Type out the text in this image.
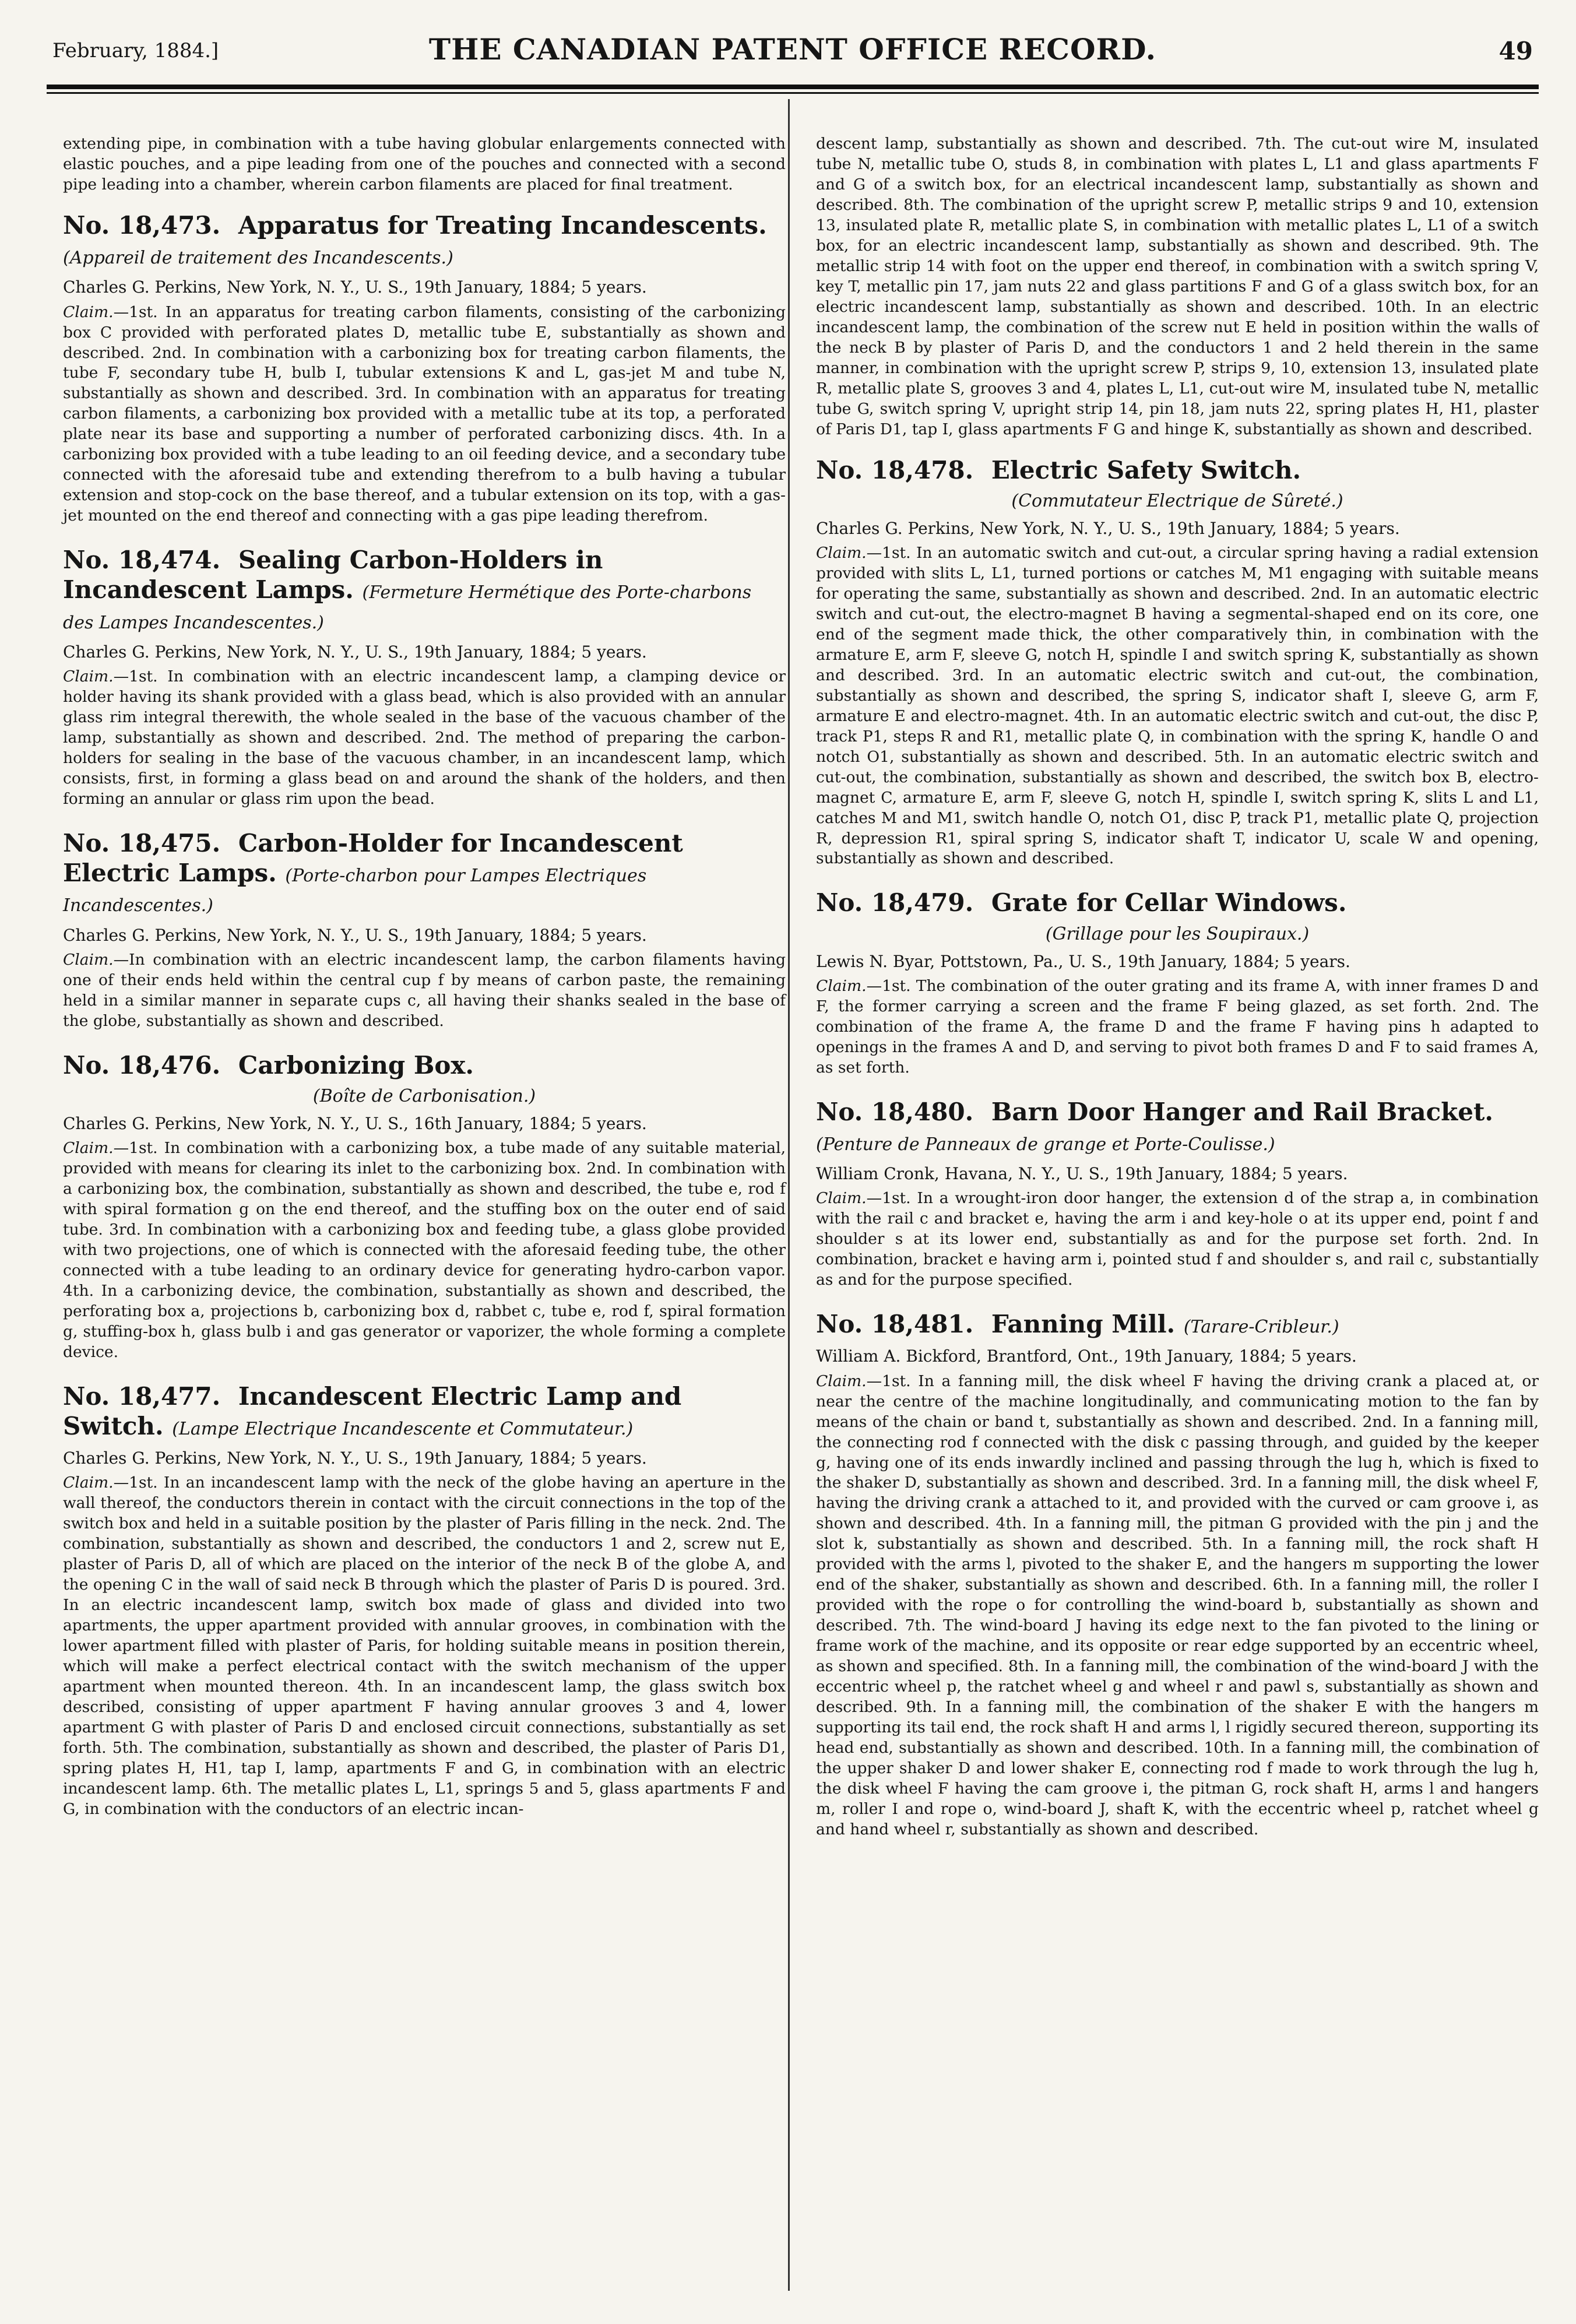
February, 1884.]	THE CANADIAN PATENT OFFICE RECORD.	49
extending pipe, in combination with a tube having globular enlargements connected with elastic pouches, and a pipe leading from one of the pouches and connected with a second pipe leading into a chamber, wherein carbon filaments are placed for final treatment.
No. 18,473. Apparatus for Treating Incandescents. (Appareil de traitement des Incandescents.)
Charles G. Perkins, New York, N. Y., U. S., 19th January, 1884; 5 years.
Claim.—1st. In an apparatus for treating carbon filaments, consisting of the carbonizing box C provided with perforated plates D, metallic tube E, substantially as shown and described. 2nd. In combination with a carbonizing box for treating carbon filaments, the tube F, secondary tube H, bulb I, tubular extensions K and L, gas-jet M and tube N, substantially as shown and described. 3rd. In combination with an apparatus for treating carbon filaments, a carbonizing box provided with a metallic tube at its top, a perforated plate near its base and supporting a number of perforated carbonizing discs. 4th. In a carbonizing box provided with a tube leading to an oil feeding device, and a secondary tube connected with the aforesaid tube and extending therefrom to a bulb having a tubular extension and stop-cock on the base thereof, and a tubular extension on its top, with a gas-jet mounted on the end thereof and connecting with a gas pipe leading therefrom.
No. 18,474. Sealing Carbon-Holders in Incandescent Lamps. (Fermeture Hermétique des Porte-charbons des Lampes Incandescentes.)
Charles G. Perkins, New York, N. Y., U. S., 19th January, 1884; 5 years.
Claim.—1st. In combination with an electric incandescent lamp, a clamping device or holder having its shank provided with a glass bead, which is also provided with an annular glass rim integral therewith, the whole sealed in the base of the vacuous chamber of the lamp, substantially as shown and described. 2nd. The method of preparing the carbon-holders for sealing in the base of the vacuous chamber, in an incandescent lamp, which consists, first, in forming a glass bead on and around the shank of the holders, and then forming an annular or glass rim upon the bead.
No. 18,475. Carbon-Holder for Incandescent Electric Lamps. (Porte-charbon pour Lampes Electriques Incandescentes.)
Charles G. Perkins, New York, N. Y., U. S., 19th January, 1884; 5 years.
Claim.—In combination with an electric incandescent lamp, the carbon filaments having one of their ends held within the central cup f by means of carbon paste, the remaining held in a similar manner in separate cups c, all having their shanks sealed in the base of the globe, substantially as shown and described.
No. 18,476. Carbonizing Box.
(Boîte de Carbonisation.)
Charles G. Perkins, New York, N. Y., U. S., 16th January, 1884; 5 years.
Claim.—1st. In combination with a carbonizing box, a tube made of any suitable material, provided with means for clearing its inlet to the carbonizing box. 2nd. In combination with a carbonizing box, the combination, substantially as shown and described, the tube e, rod f with spiral formation g on the end thereof, and the stuffing box on the outer end of said tube. 3rd. In combination with a carbonizing box and feeding tube, a glass globe provided with two projections, one of which is connected with the aforesaid feeding tube, the other connected with a tube leading to an ordinary device for generating hydro-carbon vapor. 4th. In a carbonizing device, the combination, substantially as shown and described, the perforating box a, projections b, carbonizing box d, rabbet c, tube e, rod f, spiral formation g, stuffing-box h, glass bulb i and gas generator or vaporizer, the whole forming a complete device.
No. 18,477. Incandescent Electric Lamp and Switch. (Lampe Electrique Incandescente et Commutateur.)
Charles G. Perkins, New York, N. Y., U. S., 19th January, 1884; 5 years.
Claim.—1st. In an incandescent lamp with the neck of the globe having an aperture in the wall thereof, the conductors therein in contact with the circuit connections in the top of the switch box and held in a suitable position by the plaster of Paris filling in the neck. 2nd. The combination, substantially as shown and described, the conductors 1 and 2, screw nut E, plaster of Paris D, all of which are placed on the interior of the neck B of the globe A, and the opening C in the wall of said neck B through which the plaster of Paris D is poured. 3rd. In an electric incandescent lamp, switch box made of glass and divided into two apartments, the upper apartment provided with annular grooves, in combination with the lower apartment filled with plaster of Paris, for holding suitable means in position therein, which will make a perfect electrical contact with the switch mechanism of the upper apartment when mounted thereon. 4th. In an incandescent lamp, the glass switch box described, consisting of upper apartment F having annular grooves 3 and 4, lower apartment G with plaster of Paris D and enclosed circuit connections, substantially as set forth. 5th. The combination, substantially as shown and described, the plaster of Paris D1, spring plates H, H1, tap I, lamp, apartments F and G, in combination with an electric incandescent lamp. 6th. The metallic plates L, L1, springs 5 and 5, glass apartments F and G, in combination with the conductors of an electric incan-
descent lamp, substantially as shown and described. 7th. The cut-out wire M, insulated tube N, metallic tube O, studs 8, in combination with plates L, L1 and glass apartments F and G of a switch box, for an electrical incandescent lamp, substantially as shown and described. 8th. The combination of the upright screw P, metallic strips 9 and 10, extension 13, insulated plate R, metallic plate S, in combination with metallic plates L, L1 of a switch box, for an electric incandescent lamp, substantially as shown and described. 9th. The metallic strip 14 with foot on the upper end thereof, in combination with a switch spring V, key T, metallic pin 17, jam nuts 22 and glass partitions F and G of a glass switch box, for an electric incandescent lamp, substantially as shown and described. 10th. In an electric incandescent lamp, the combination of the screw nut E held in position within the walls of the neck B by plaster of Paris D, and the conductors 1 and 2 held therein in the same manner, in combination with the upright screw P, strips 9, 10, extension 13, insulated plate R, metallic plate S, grooves 3 and 4, plates L, L1, cut-out wire M, insulated tube N, metallic tube G, switch spring V, upright strip 14, pin 18, jam nuts 22, spring plates H, H1, plaster of Paris D1, tap I, glass apartments F G and hinge K, substantially as shown and described.
No. 18,478. Electric Safety Switch.
(Commutateur Electrique de Sûreté.)
Charles G. Perkins, New York, N. Y., U. S., 19th January, 1884; 5 years.
Claim.—1st. In an automatic switch and cut-out, a circular spring having a radial extension provided with slits L, L1, turned portions or catches M, M1 engaging with suitable means for operating the same, substantially as shown and described. 2nd. In an automatic electric switch and cut-out, the electro-magnet B having a segmental-shaped end on its core, one end of the segment made thick, the other comparatively thin, in combination with the armature E, arm F, sleeve G, notch H, spindle I and switch spring K, substantially as shown and described. 3rd. In an automatic electric switch and cut-out, the combination, substantially as shown and described, the spring S, indicator shaft I, sleeve G, arm F, armature E and electro-magnet. 4th. In an automatic electric switch and cut-out, the disc P, track P1, steps R and R1, metallic plate Q, in combination with the spring K, handle O and notch O1, substantially as shown and described. 5th. In an automatic electric switch and cut-out, the combination, substantially as shown and described, the switch box B, electro-magnet C, armature E, arm F, sleeve G, notch H, spindle I, switch spring K, slits L and L1, catches M and M1, switch handle O, notch O1, disc P, track P1, metallic plate Q, projection R, depression R1, spiral spring S, indicator shaft T, indicator U, scale W and opening, substantially as shown and described.
No. 18,479. Grate for Cellar Windows.
(Grillage pour les Soupiraux.)
Lewis N. Byar, Pottstown, Pa., U. S., 19th January, 1884; 5 years.
Claim.—1st. The combination of the outer grating and its frame A, with inner frames D and F, the former carrying a screen and the frame F being glazed, as set forth. 2nd. The combination of the frame A, the frame D and the frame F having pins h adapted to openings in the frames A and D, and serving to pivot both frames D and F to said frames A, as set forth.
No. 18,480. Barn Door Hanger and Rail Bracket. (Penture de Panneaux de grange et Porte-Coulisse.)
William Cronk, Havana, N. Y., U. S., 19th January, 1884; 5 years.
Claim.—1st. In a wrought-iron door hanger, the extension d of the strap a, in combination with the rail c and bracket e, having the arm i and key-hole o at its upper end, point f and shoulder s at its lower end, substantially as and for the purpose set forth. 2nd. In combination, bracket e having arm i, pointed stud f and shoulder s, and rail c, substantially as and for the purpose specified.
No. 18,481. Fanning Mill. (Tarare-Cribleur.)
William A. Bickford, Brantford, Ont., 19th January, 1884; 5 years.
Claim.—1st. In a fanning mill, the disk wheel F having the driving crank a placed at, or near the centre of the machine longitudinally, and communicating motion to the fan by means of the chain or band t, substantially as shown and described. 2nd. In a fanning mill, the connecting rod f connected with the disk c passing through, and guided by the keeper g, having one of its ends inwardly inclined and passing through the lug h, which is fixed to the shaker D, substantially as shown and described. 3rd. In a fanning mill, the disk wheel F, having the driving crank a attached to it, and provided with the curved or cam groove i, as shown and described. 4th. In a fanning mill, the pitman G provided with the pin j and the slot k, substantially as shown and described. 5th. In a fanning mill, the rock shaft H provided with the arms l, pivoted to the shaker E, and the hangers m supporting the lower end of the shaker, substantially as shown and described. 6th. In a fanning mill, the roller I provided with the rope o for controlling the wind-board b, substantially as shown and described. 7th. The wind-board J having its edge next to the fan pivoted to the lining or frame work of the machine, and its opposite or rear edge supported by an eccentric wheel, as shown and specified. 8th. In a fanning mill, the combination of the wind-board J with the eccentric wheel p, the ratchet wheel g and wheel r and pawl s, substantially as shown and described. 9th. In a fanning mill, the combination of the shaker E with the hangers m supporting its tail end, the rock shaft H and arms l, l rigidly secured thereon, supporting its head end, substantially as shown and described. 10th. In a fanning mill, the combination of the upper shaker D and lower shaker E, connecting rod f made to work through the lug h, the disk wheel F having the cam groove i, the pitman G, rock shaft H, arms l and hangers m, roller I and rope o, wind-board J, shaft K, with the eccentric wheel p, ratchet wheel g and hand wheel r, substantially as shown and described.
